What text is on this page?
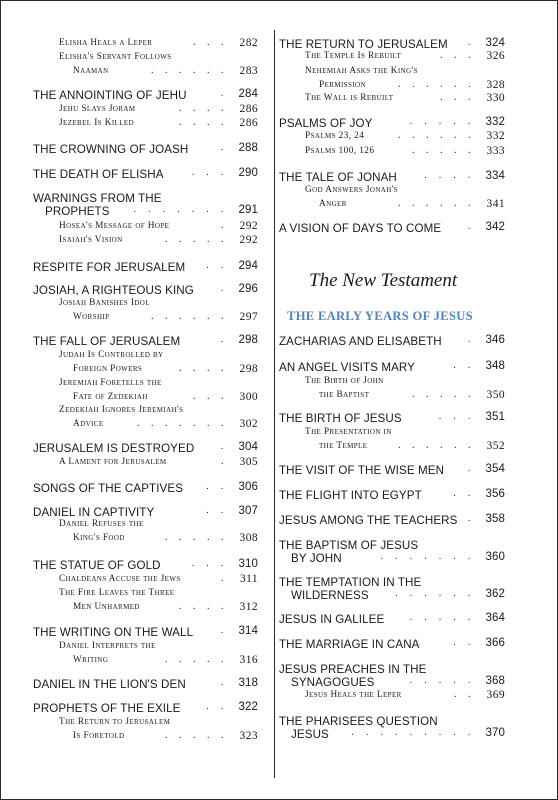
Elisha Heals a Leper	. . . 282
Elisha's Servant Follows
Naaman	. . . . . . 283
THE ANNOINTING OF JEHU	. 284
Jehu Slays Joram	. . . . 286
Jezebel Is Killed	. . . . 286
THE CROWNING OF JOASH	. 288
THE DEATH OF ELISHA	. . . 290
WARNINGS FROM THE
PROPHETS . . . . . . . 291
Hosea's Message of Hope	. 292
Isaiah's Vision	. . . . . 292
RESPITE FOR JERUSALEM . . 294
JOSIAH, A RIGHTEOUS KING	. 296
Josiah Banishes Idol
Worship	. . . . . . 297
THE FALL OF JERUSALEM	. 298
Judah Is Controlled by
Foreign Powers	. . . . 298
Jeremiah Foretells the
Fate of Zedekiah	. . . 300
Zedekiah Ignores Jeremiah's
Advice	. . . . . . . 302
JERUSALEM IS DESTROYED	. 304
A Lament for Jerusalem	. 305
SONGS OF THE CAPTIVES . . 306
DANIEL IN CAPTIVITY	. . 307
Daniel Refuses the
King's Food	. . . . . 308
THE STATUE OF GOLD	. . . 310
Chaldeans Accuse the Jews	. 311
The Fire Leaves the Three
Men Unharmed	. . . . 312
THE WRITING ON THE WALL	. 314
Daniel Interprets the
Writing	. . . . . 316
DANIEL IN THE LION'S DEN	. 318
PROPHETS OF THE EXILE	. . 322
The Return to Jerusalem
Is Foretold	. . . . . 323
THE RETURN TO JERUSALEM . 324
The Temple Is Rebuilt	. . . 326
Nehemiah Asks the King's
Permission	. . . . . . 328
The Wall is Rebuilt	. . . 330
PSALMS OF JOY	. . . . . 332
Psalms 23, 24	. . . . . . 332
Psalms 100, 126	. . . . . 333
THE TALE OF JONAH	. . . . 334
God Answers Jonah's
Anger	. . . . . . 341
A VISION OF DAYS TO COME	. 342
ZACHARIAS AND ELISABETH	. 346
AN ANGEL VISITS MARY	. . 348
The Birth of John
the Baptist	. . . . . 350
THE BIRTH OF JESUS	. . . 351
The Presentation in
the Temple	. . . . . . 352
THE VISIT OF THE WISE MEN . 354
THE FLIGHT INTO EGYPT	. . 356
JESUS AMONG THE TEACHERS . 358
THE BAPTISM OF JESUS
BY JOHN	. . . . . . . 360
THE TEMPTATION IN THE
WILDERNESS	. . . . . . 362
JESUS IN GALILEE	. . . . . 364
THE MARRIAGE IN CANA	. . 366
JESUS PREACHES IN THE
SYNAGOGUES	. . . . . 368
Jesus Heals the Leper	. . 369
THE PHARISEES QUESTION
JESUS . . . . . . . . . 370
The New Testament
THE EARLY YEARS OF JESUS
